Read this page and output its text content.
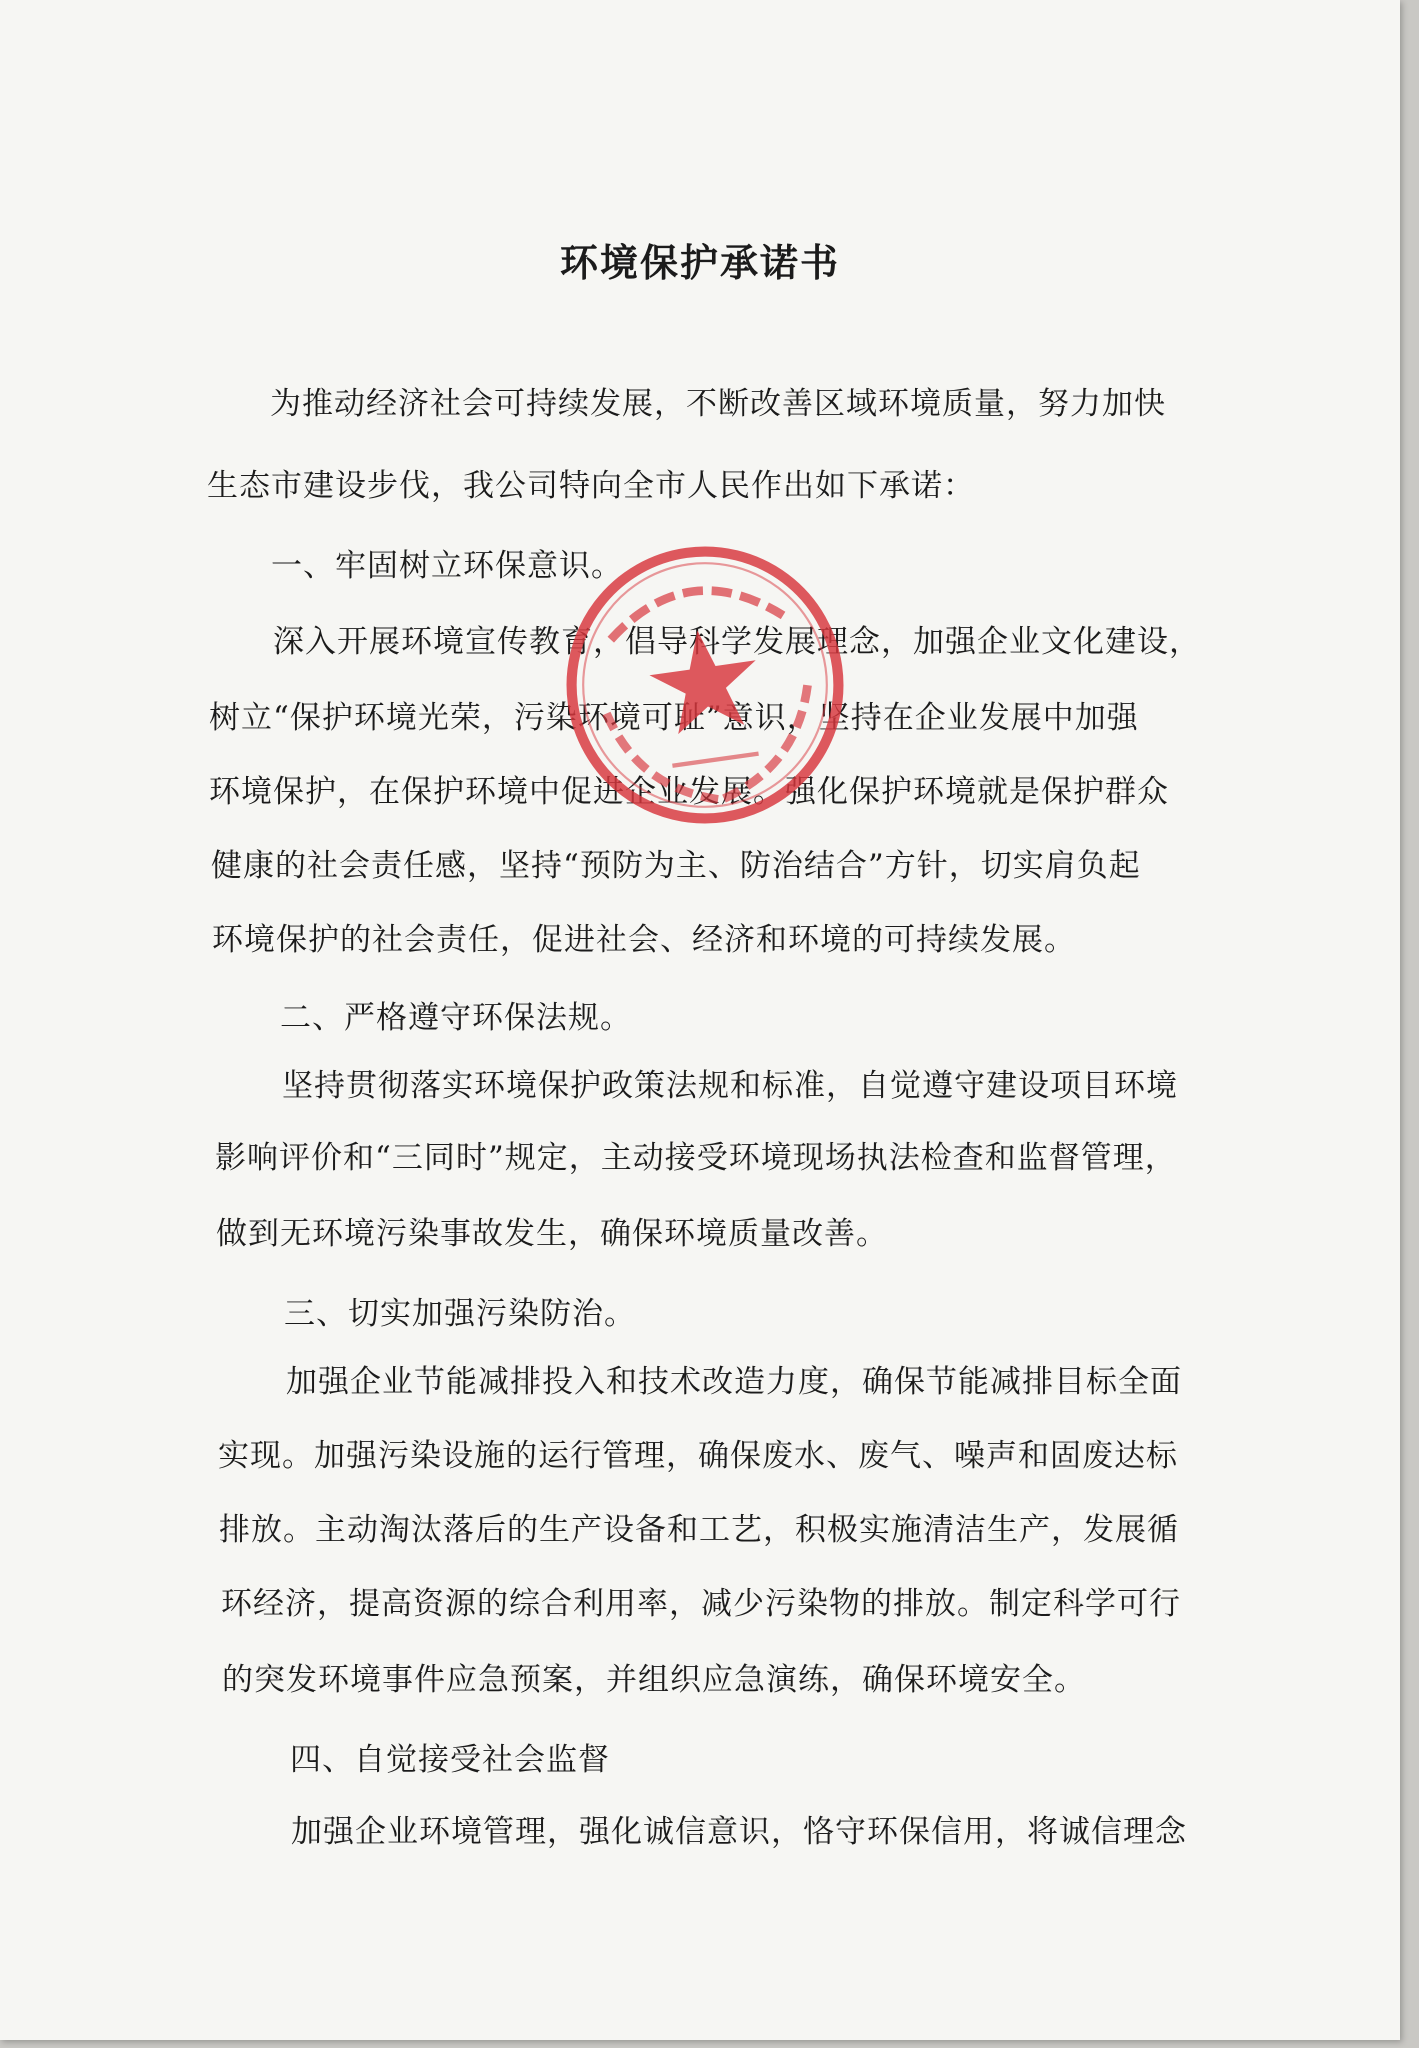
环境保护承诺书

为推动经济社会可持续发展，不断改善区域环境质量，努力加快

生态市建设步伐，我公司特向全市人民作出如下承诺：

一、牢固树立环保意识。

深入开展环境宣传教育，倡导科学发展理念，加强企业文化建设，

树立“保护环境光荣，污染环境可耻”意识，坚持在企业发展中加强

环境保护，在保护环境中促进企业发展。强化保护环境就是保护群众

健康的社会责任感，坚持“预防为主、防治结合”方针，切实肩负起

环境保护的社会责任，促进社会、经济和环境的可持续发展。

二、严格遵守环保法规。

坚持贯彻落实环境保护政策法规和标准，自觉遵守建设项目环境

影响评价和“三同时”规定，主动接受环境现场执法检查和监督管理，

做到无环境污染事故发生，确保环境质量改善。

三、切实加强污染防治。

加强企业节能减排投入和技术改造力度，确保节能减排目标全面

实现。加强污染设施的运行管理，确保废水、废气、噪声和固废达标

排放。主动淘汰落后的生产设备和工艺，积极实施清洁生产，发展循

环经济，提高资源的综合利用率，减少污染物的排放。制定科学可行

的突发环境事件应急预案，并组织应急演练，确保环境安全。

四、自觉接受社会监督

加强企业环境管理，强化诚信意识，恪守环保信用，将诚信理念
